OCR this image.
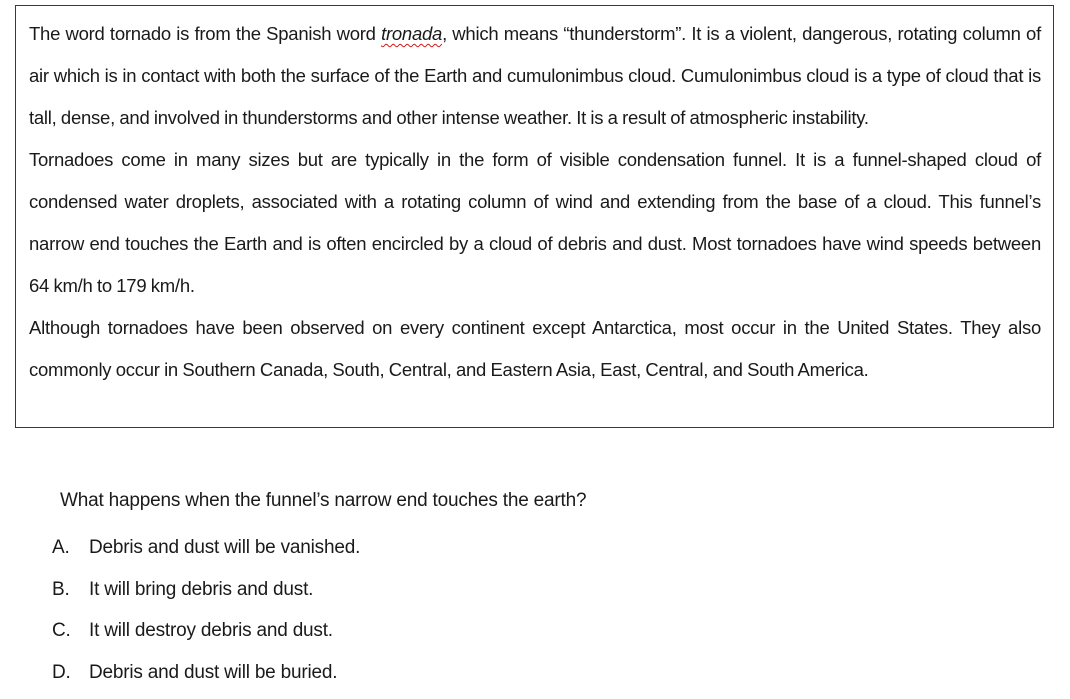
The word tornado is from the Spanish word tronada, which means “thunderstorm”. It is a violent, dangerous, rotating column of air which is in contact with both the surface of the Earth and cumulonimbus cloud. Cumulonimbus cloud is a type of cloud that is tall, dense, and involved in thunderstorms and other intense weather. It is a result of atmospheric instability.

Tornadoes come in many sizes but are typically in the form of visible condensation funnel. It is a funnel-shaped cloud of condensed water droplets, associated with a rotating column of wind and extending from the base of a cloud. This funnel’s narrow end touches the Earth and is often encircled by a cloud of debris and dust. Most tornadoes have wind speeds between 64 km/h to 179 km/h.

Although tornadoes have been observed on every continent except Antarctica, most occur in the United States. They also commonly occur in Southern Canada, South, Central, and Eastern Asia, East, Central, and South America.

What happens when the funnel’s narrow end touches the earth?

A.	Debris and dust will be vanished.
B.	It will bring debris and dust.
C. It will destroy debris and dust.
D. Debris and dust will be buried.
